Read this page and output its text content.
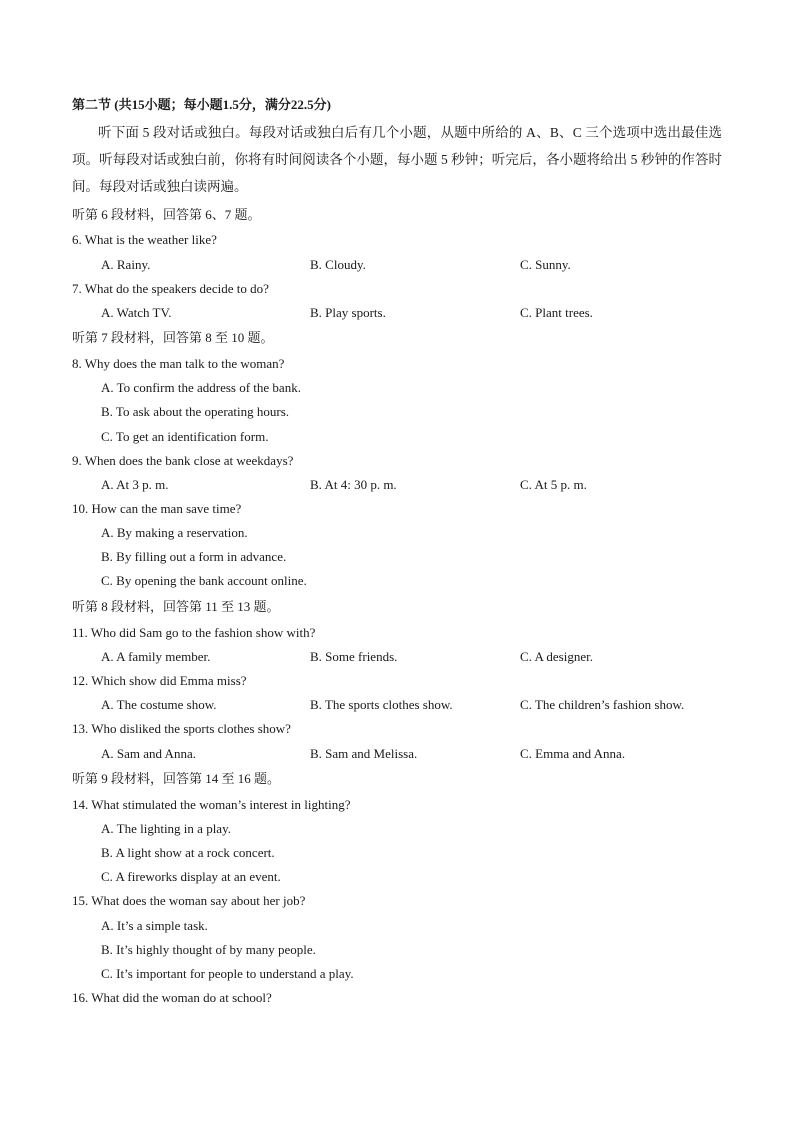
第二节 (共15小题；每小题1.5分，满分22.5分)
听下面 5 段对话或独白。每段对话或独白后有几个小题，从题中所给的 A、B、C 三个选项中选出最佳选项。听每段对话或独白前，你将有时间阅读各个小题，每小题 5 秒钟；听完后，各小题将给出 5 秒钟的作答时间。每段对话或独白读两遍。
听第 6 段材料，回答第 6、7 题。
6. What is the weather like?
A. Rainy.	B. Cloudy.	C. Sunny.
7. What do the speakers decide to do?
A. Watch TV.	B. Play sports.	C. Plant trees.
听第 7 段材料，回答第 8 至 10 题。
8. Why does the man talk to the woman?
A. To confirm the address of the bank.
B. To ask about the operating hours.
C. To get an identification form.
9. When does the bank close at weekdays?
A. At 3 p. m.	B. At 4: 30 p. m.	C. At 5 p. m.
10. How can the man save time?
A. By making a reservation.
B. By filling out a form in advance.
C. By opening the bank account online.
听第 8 段材料，回答第 11 至 13 题。
11. Who did Sam go to the fashion show with?
A. A family member.	B. Some friends.	C. A designer.
12. Which show did Emma miss?
A. The costume show.	B. The sports clothes show.	C. The children’s fashion show.
13. Who disliked the sports clothes show?
A. Sam and Anna.	B. Sam and Melissa.	C. Emma and Anna.
听第 9 段材料，回答第 14 至 16 题。
14. What stimulated the woman’s interest in lighting?
A. The lighting in a play.
B. A light show at a rock concert.
C. A fireworks display at an event.
15. What does the woman say about her job?
A. It’s a simple task.
B. It’s highly thought of by many people.
C. It’s important for people to understand a play.
16. What did the woman do at school?
